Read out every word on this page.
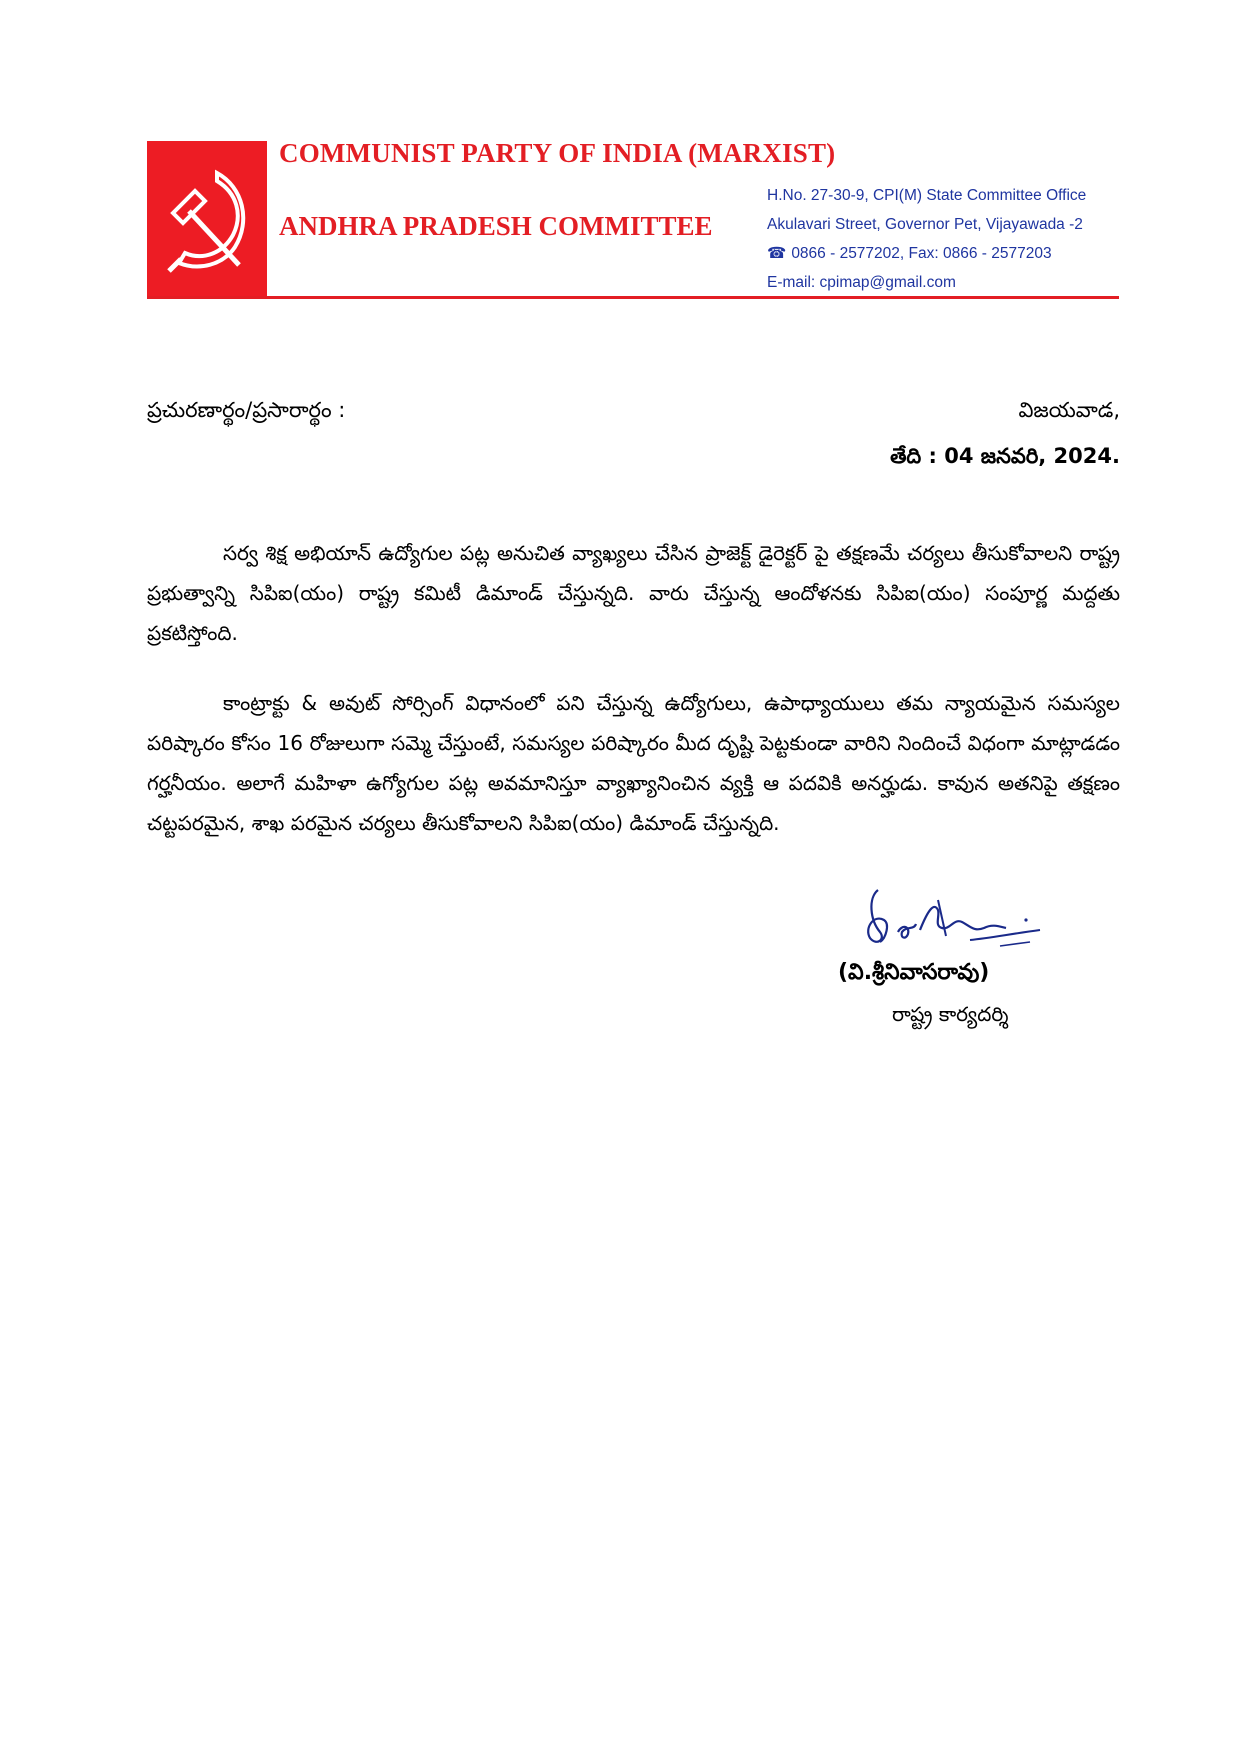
COMMUNIST PARTY OF INDIA (MARXIST)
ANDHRA PRADESH COMMITTEE
H.No. 27-30-9, CPI(M) State Committee Office
Akulavari Street, Governor Pet, Vijayawada -2
☎ 0866 - 2577202, Fax: 0866 - 2577203
E-mail: cpimap@gmail.com
ప్రచురణార్థం/ప్రసారార్థం :	విజయవాడ,
తేది : 04 జనవరి, 2024.

సర్వ శిక్ష అభియాన్ ఉద్యోగుల పట్ల అనుచిత వ్యాఖ్యలు చేసిన ప్రాజెక్ట్ డైరెక్టర్ పై తక్షణమే చర్యలు తీసుకోవాలని రాష్ట్ర ప్రభుత్వాన్ని సిపిఐ(యం) రాష్ట్ర కమిటీ డిమాండ్ చేస్తున్నది. వారు చేస్తున్న ఆందోళనకు సిపిఐ(యం) సంపూర్ణ మద్దతు ప్రకటిస్తోంది.

కాంట్రాక్టు & అవుట్ సోర్సింగ్ విధానంలో పని చేస్తున్న ఉద్యోగులు, ఉపాధ్యాయులు తమ న్యాయమైన సమస్యల పరిష్కారం కోసం 16 రోజులుగా సమ్మె చేస్తుంటే, సమస్యల పరిష్కారం మీద దృష్టి పెట్టకుండా వారిని నిందించే విధంగా మాట్లాడడం గర్హనీయం. అలాగే మహిళా ఉగ్యోగుల పట్ల అవమానిస్తూ వ్యాఖ్యానించిన వ్యక్తి ఆ పదవికి అనర్హుడు. కావున అతనిపై తక్షణం చట్టపరమైన, శాఖ పరమైన చర్యలు తీసుకోవాలని సిపిఐ(యం) డిమాండ్ చేస్తున్నది.

(వి.శ్రీనివాసరావు)
రాష్ట్ర కార్యదర్శి
